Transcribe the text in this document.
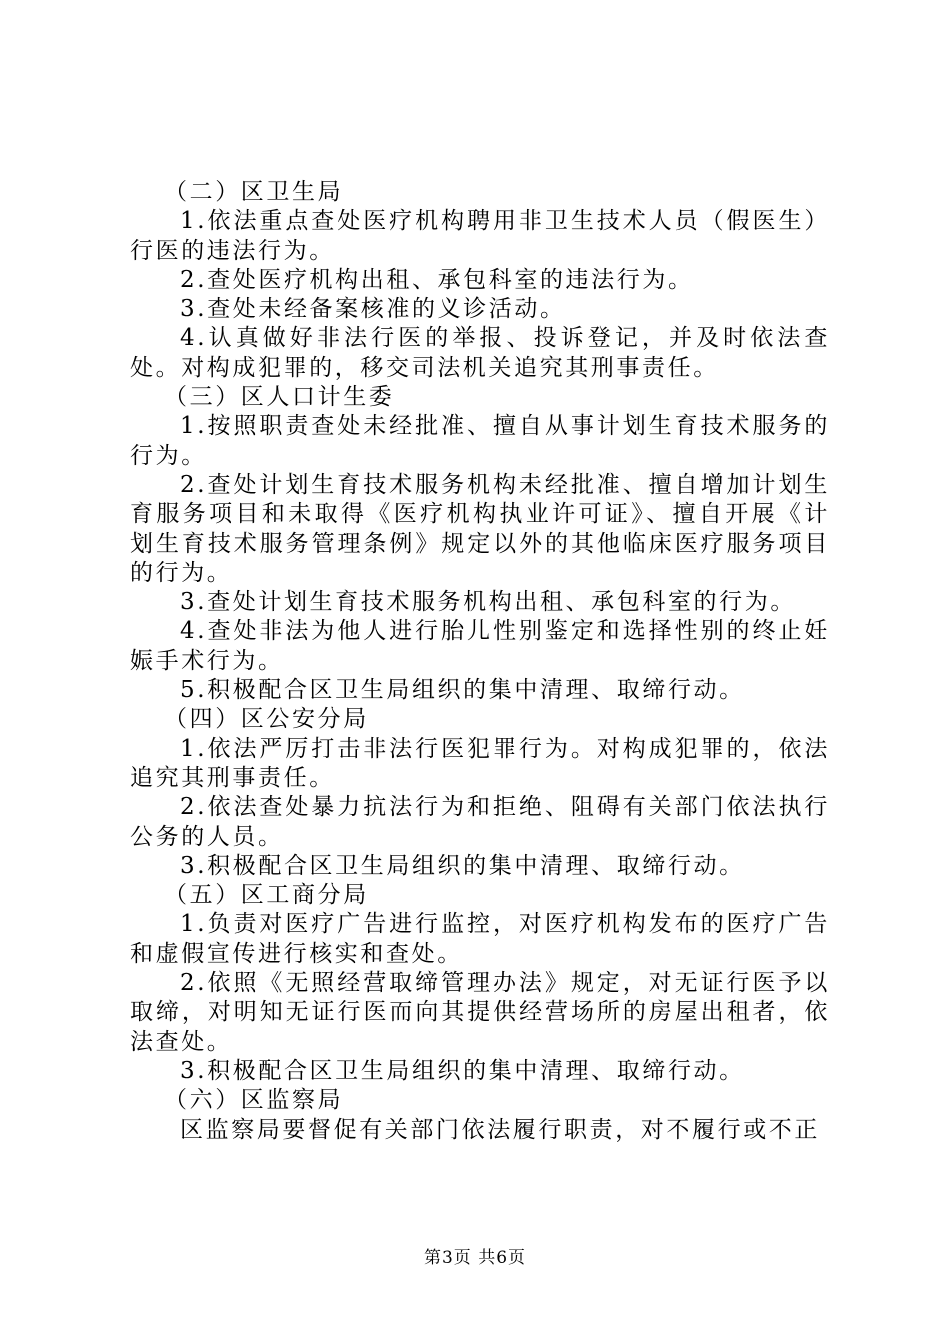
（二）区卫生局

1.依法重点查处医疗机构聘用非卫生技术人员（假医生）行医的违法行为。

2.查处医疗机构出租、承包科室的违法行为。

3.查处未经备案核准的义诊活动。

4.认真做好非法行医的举报、投诉登记，并及时依法查处。对构成犯罪的，移交司法机关追究其刑事责任。

（三）区人口计生委

1.按照职责查处未经批准、擅自从事计划生育技术服务的行为。

2.查处计划生育技术服务机构未经批准、擅自增加计划生育服务项目和未取得《医疗机构执业许可证》、擅自开展《计划生育技术服务管理条例》规定以外的其他临床医疗服务项目的行为。

3.查处计划生育技术服务机构出租、承包科室的行为。

4.查处非法为他人进行胎儿性别鉴定和选择性别的终止妊娠手术行为。

5.积极配合区卫生局组织的集中清理、取缔行动。

（四）区公安分局

1.依法严厉打击非法行医犯罪行为。对构成犯罪的，依法追究其刑事责任。

2.依法查处暴力抗法行为和拒绝、阻碍有关部门依法执行公务的人员。

3.积极配合区卫生局组织的集中清理、取缔行动。

（五）区工商分局

1.负责对医疗广告进行监控，对医疗机构发布的医疗广告和虚假宣传进行核实和查处。

2.依照《无照经营取缔管理办法》规定，对无证行医予以取缔，对明知无证行医而向其提供经营场所的房屋出租者，依法查处。

3.积极配合区卫生局组织的集中清理、取缔行动。

（六）区监察局

区监察局要督促有关部门依法履行职责，对不履行或不正

第3页 共6页
